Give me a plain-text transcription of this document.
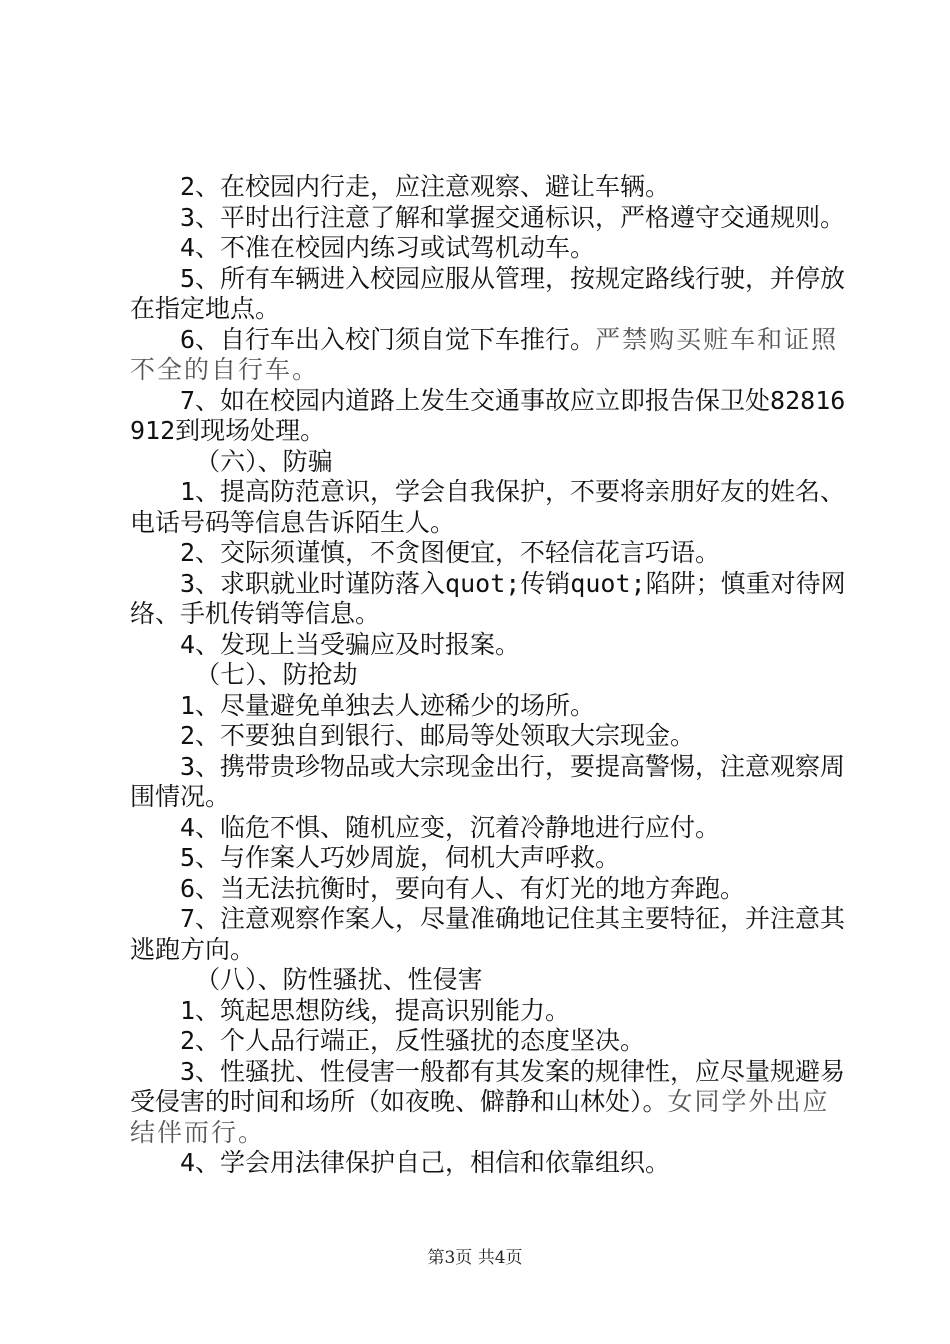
2、在校园内行走，应注意观察、避让车辆。

3、平时出行注意了解和掌握交通标识，严格遵守交通规则。

4、不准在校园内练习或试驾机动车。

5、所有车辆进入校园应服从管理，按规定路线行驶，并停放在指定地点。

6、自行车出入校门须自觉下车推行。严禁购买赃车和证照不全的自行车。

7、如在校园内道路上发生交通事故应立即报告保卫处82816912到现场处理。

（六）、防骗

1、提高防范意识，学会自我保护，不要将亲朋好友的姓名、电话号码等信息告诉陌生人。

2、交际须谨慎，不贪图便宜，不轻信花言巧语。

3、求职就业时谨防落入quot;传销quot;陷阱；慎重对待网络、手机传销等信息。

4、发现上当受骗应及时报案。

（七）、防抢劫

1、尽量避免单独去人迹稀少的场所。

2、不要独自到银行、邮局等处领取大宗现金。

3、携带贵珍物品或大宗现金出行，要提高警惕，注意观察周围情况。

4、临危不惧、随机应变，沉着冷静地进行应付。

5、与作案人巧妙周旋，伺机大声呼救。

6、当无法抗衡时，要向有人、有灯光的地方奔跑。

7、注意观察作案人，尽量准确地记住其主要特征，并注意其逃跑方向。

（八）、防性骚扰、性侵害

1、筑起思想防线，提高识别能力。

2、个人品行端正，反性骚扰的态度坚决。

3、性骚扰、性侵害一般都有其发案的规律性，应尽量规避易受侵害的时间和场所（如夜晚、僻静和山林处）。女同学外出应结伴而行。

4、学会用法律保护自己，相信和依靠组织。

第3页 共4页
